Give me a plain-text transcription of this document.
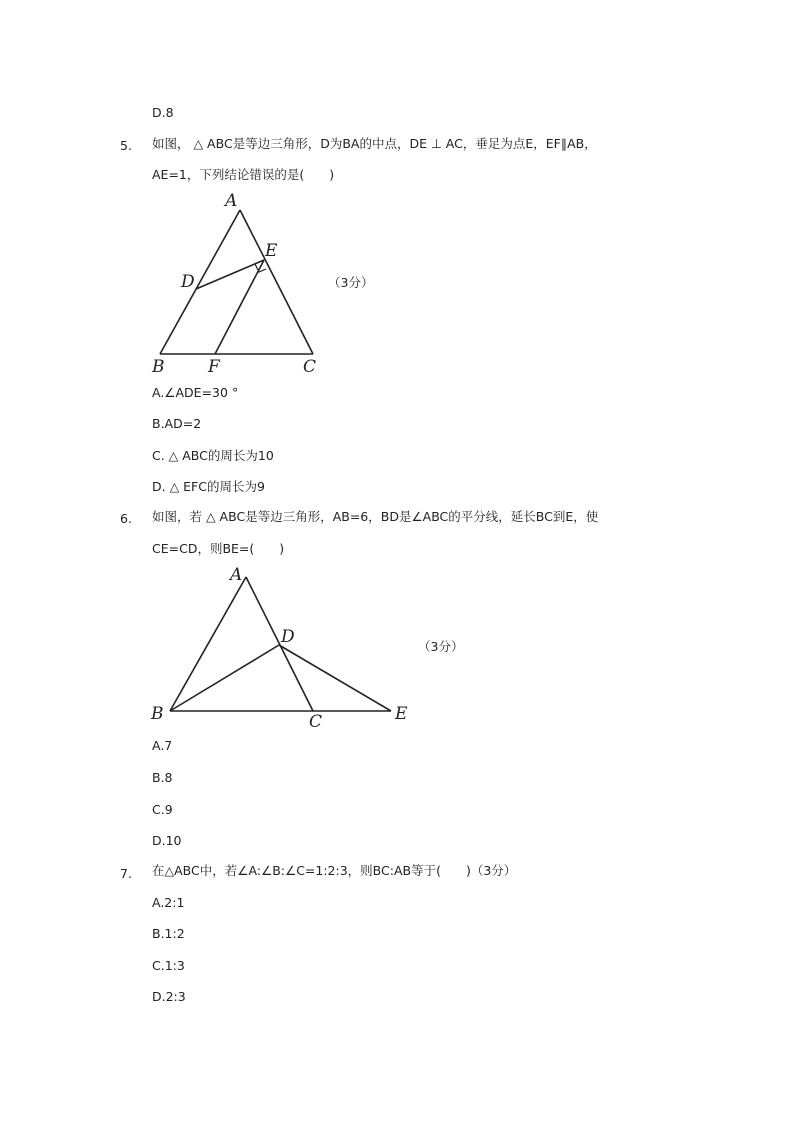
D.8
5. 如图， △ ABC是等边三角形，D为BA的中点，DE ⊥ AC，垂足为点E，EF∥AB，
AE=1，下列结论错误的是(　　)
A
E
D
B	F	C
（3分）
A.∠ADE=30 °
B.AD=2
C. △ ABC的周长为10
D. △ EFC的周长为9
6. 如图，若 △ ABC是等边三角形，AB=6，BD是∠ABC的平分线，延长BC到E，使
CE=CD，则BE=(　　)
A
D
B	C	E
（3分）
A.7
B.8
C.9
D.10
7. 在△ABC中，若∠A:∠B:∠C=1:2:3，则BC:AB等于(　　)（3分）
A.2:1
B.1:2
C.1:3
D.2:3
